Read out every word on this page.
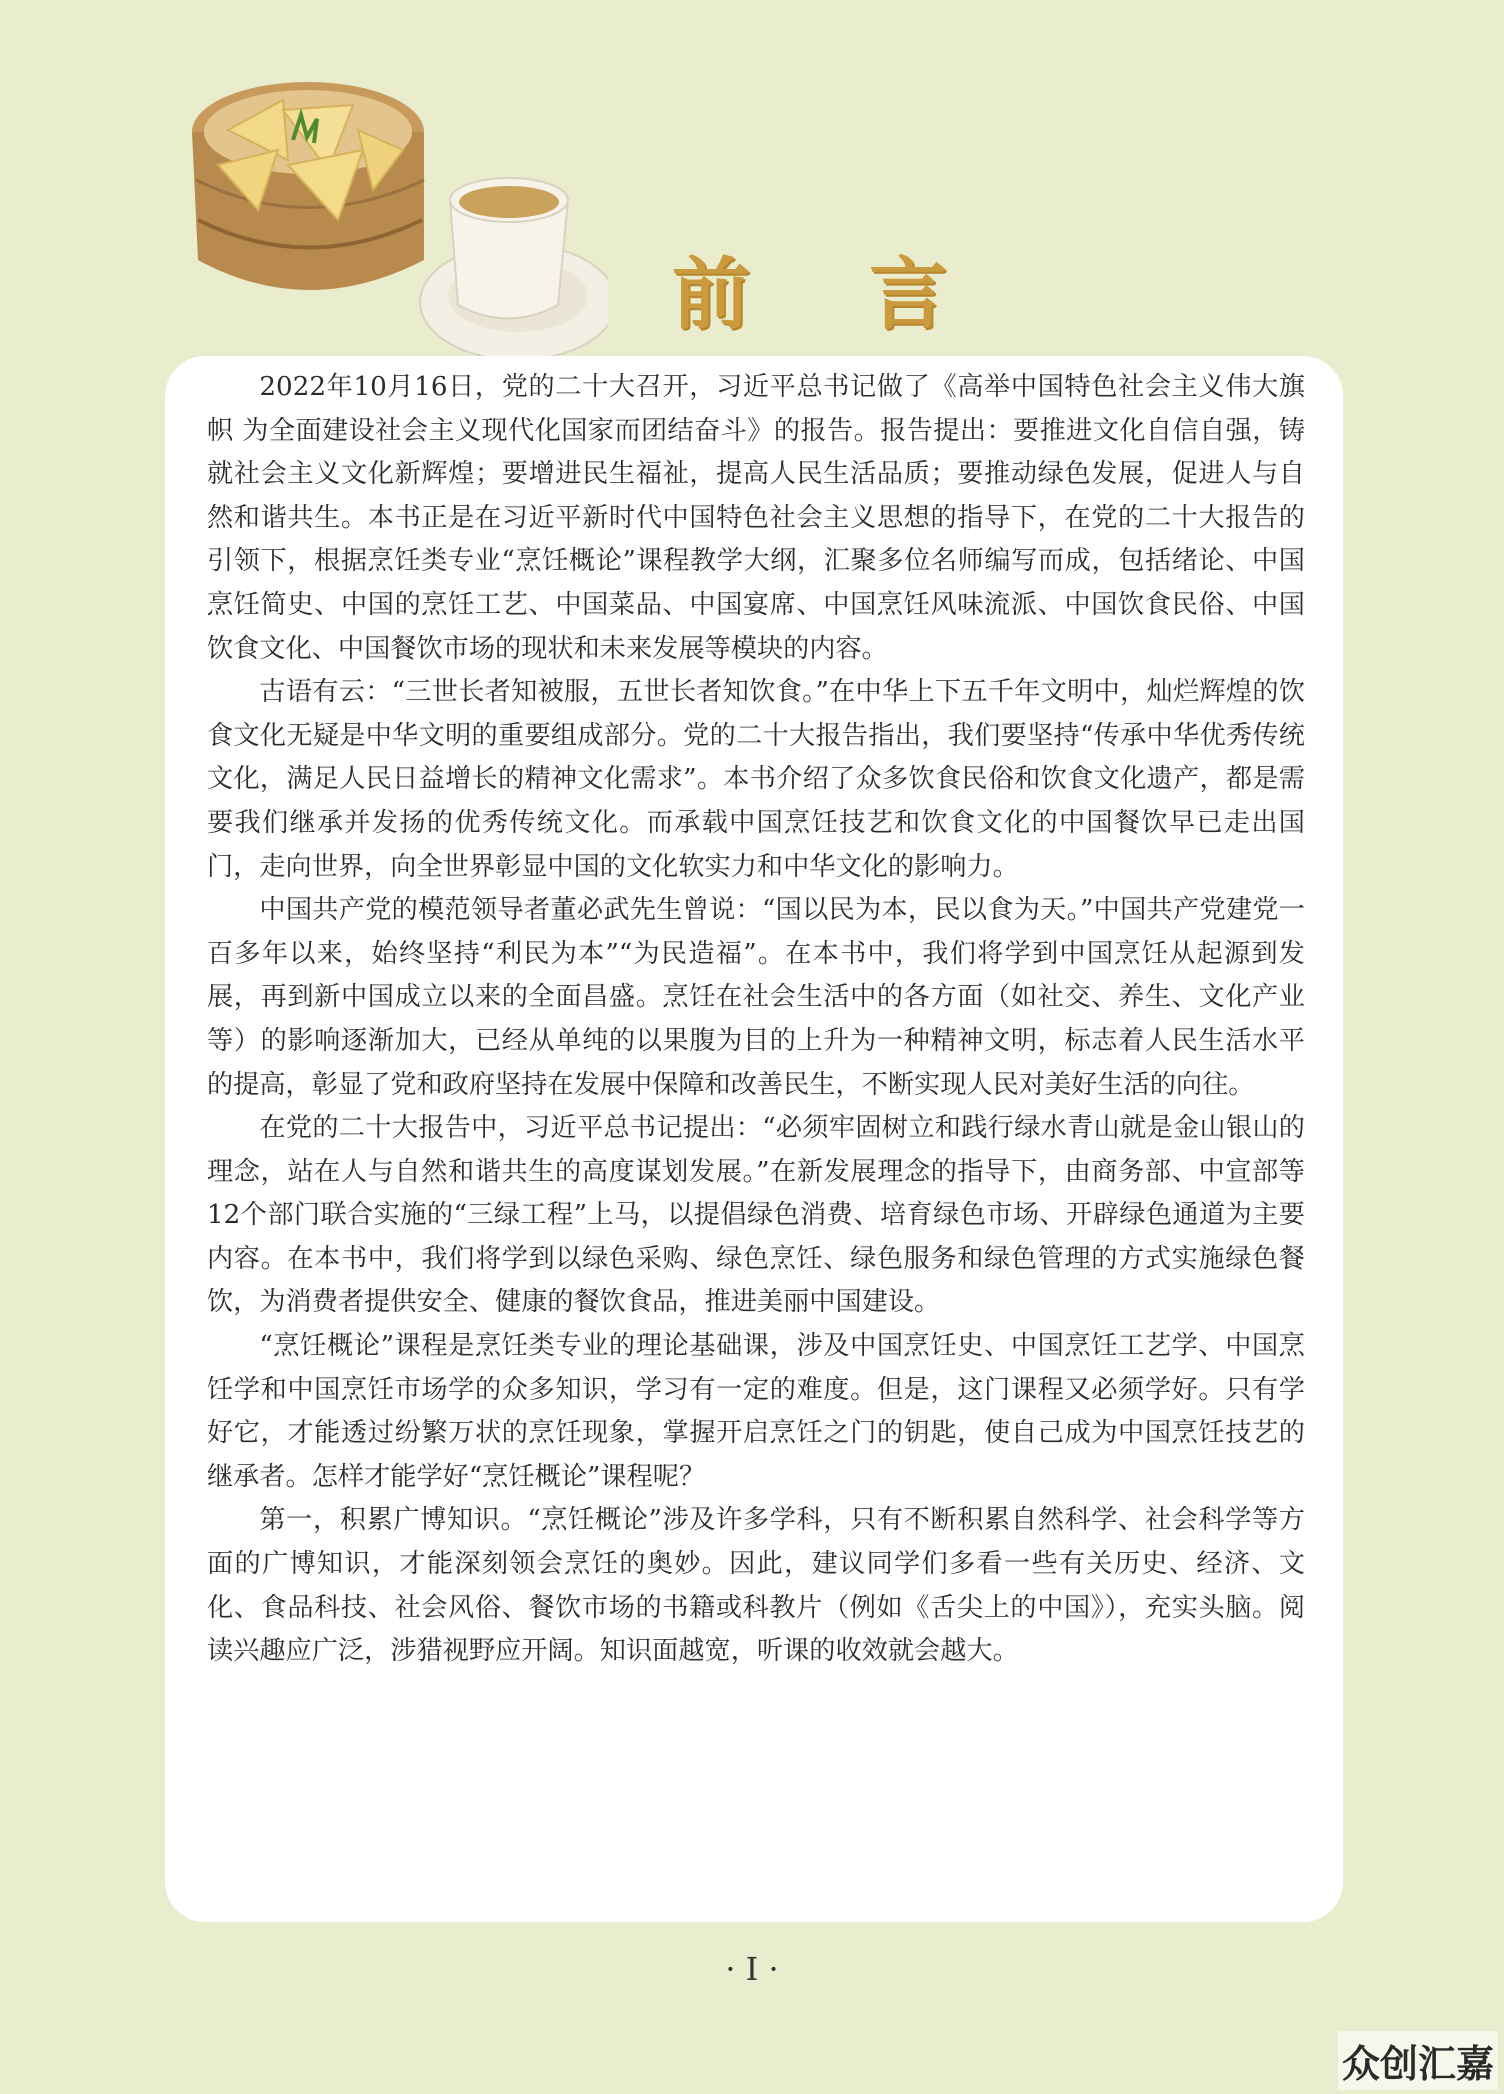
前 言

2022年10月16日，党的二十大召开，习近平总书记做了《高举中国特色社会主义伟大旗帜 为全面建设社会主义现代化国家而团结奋斗》的报告。报告提出：要推进文化自信自强，铸就社会主义文化新辉煌；要增进民生福祉，提高人民生活品质；要推动绿色发展，促进人与自然和谐共生。本书正是在习近平新时代中国特色社会主义思想的指导下，在党的二十大报告的引领下，根据烹饪类专业“烹饪概论”课程教学大纲，汇聚多位名师编写而成，包括绪论、中国烹饪简史、中国的烹饪工艺、中国菜品、中国宴席、中国烹饪风味流派、中国饮食民俗、中国饮食文化、中国餐饮市场的现状和未来发展等模块的内容。

古语有云：“三世长者知被服，五世长者知饮食。”在中华上下五千年文明中，灿烂辉煌的饮食文化无疑是中华文明的重要组成部分。党的二十大报告指出，我们要坚持“传承中华优秀传统文化，满足人民日益增长的精神文化需求”。本书介绍了众多饮食民俗和饮食文化遗产，都是需要我们继承并发扬的优秀传统文化。而承载中国烹饪技艺和饮食文化的中国餐饮早已走出国门，走向世界，向全世界彰显中国的文化软实力和中华文化的影响力。

中国共产党的模范领导者董必武先生曾说：“国以民为本，民以食为天。”中国共产党建党一百多年以来，始终坚持“利民为本”“为民造福”。在本书中，我们将学到中国烹饪从起源到发展，再到新中国成立以来的全面昌盛。烹饪在社会生活中的各方面（如社交、养生、文化产业等）的影响逐渐加大，已经从单纯的以果腹为目的上升为一种精神文明，标志着人民生活水平的提高，彰显了党和政府坚持在发展中保障和改善民生，不断实现人民对美好生活的向往。

在党的二十大报告中，习近平总书记提出：“必须牢固树立和践行绿水青山就是金山银山的理念，站在人与自然和谐共生的高度谋划发展。”在新发展理念的指导下，由商务部、中宣部等12个部门联合实施的“三绿工程”上马，以提倡绿色消费、培育绿色市场、开辟绿色通道为主要内容。在本书中，我们将学到以绿色采购、绿色烹饪、绿色服务和绿色管理的方式实施绿色餐饮，为消费者提供安全、健康的餐饮食品，推进美丽中国建设。

“烹饪概论”课程是烹饪类专业的理论基础课，涉及中国烹饪史、中国烹饪工艺学、中国烹饪学和中国烹饪市场学的众多知识，学习有一定的难度。但是，这门课程又必须学好。只有学好它，才能透过纷繁万状的烹饪现象，掌握开启烹饪之门的钥匙，使自己成为中国烹饪技艺的继承者。怎样才能学好“烹饪概论”课程呢？

第一，积累广博知识。“烹饪概论”涉及许多学科，只有不断积累自然科学、社会科学等方面的广博知识，才能深刻领会烹饪的奥妙。因此，建议同学们多看一些有关历史、经济、文化、食品科技、社会风俗、餐饮市场的书籍或科教片（例如《舌尖上的中国》），充实头脑。阅读兴趣应广泛，涉猎视野应开阔。知识面越宽，听课的收效就会越大。

· I ·
众创汇嘉
